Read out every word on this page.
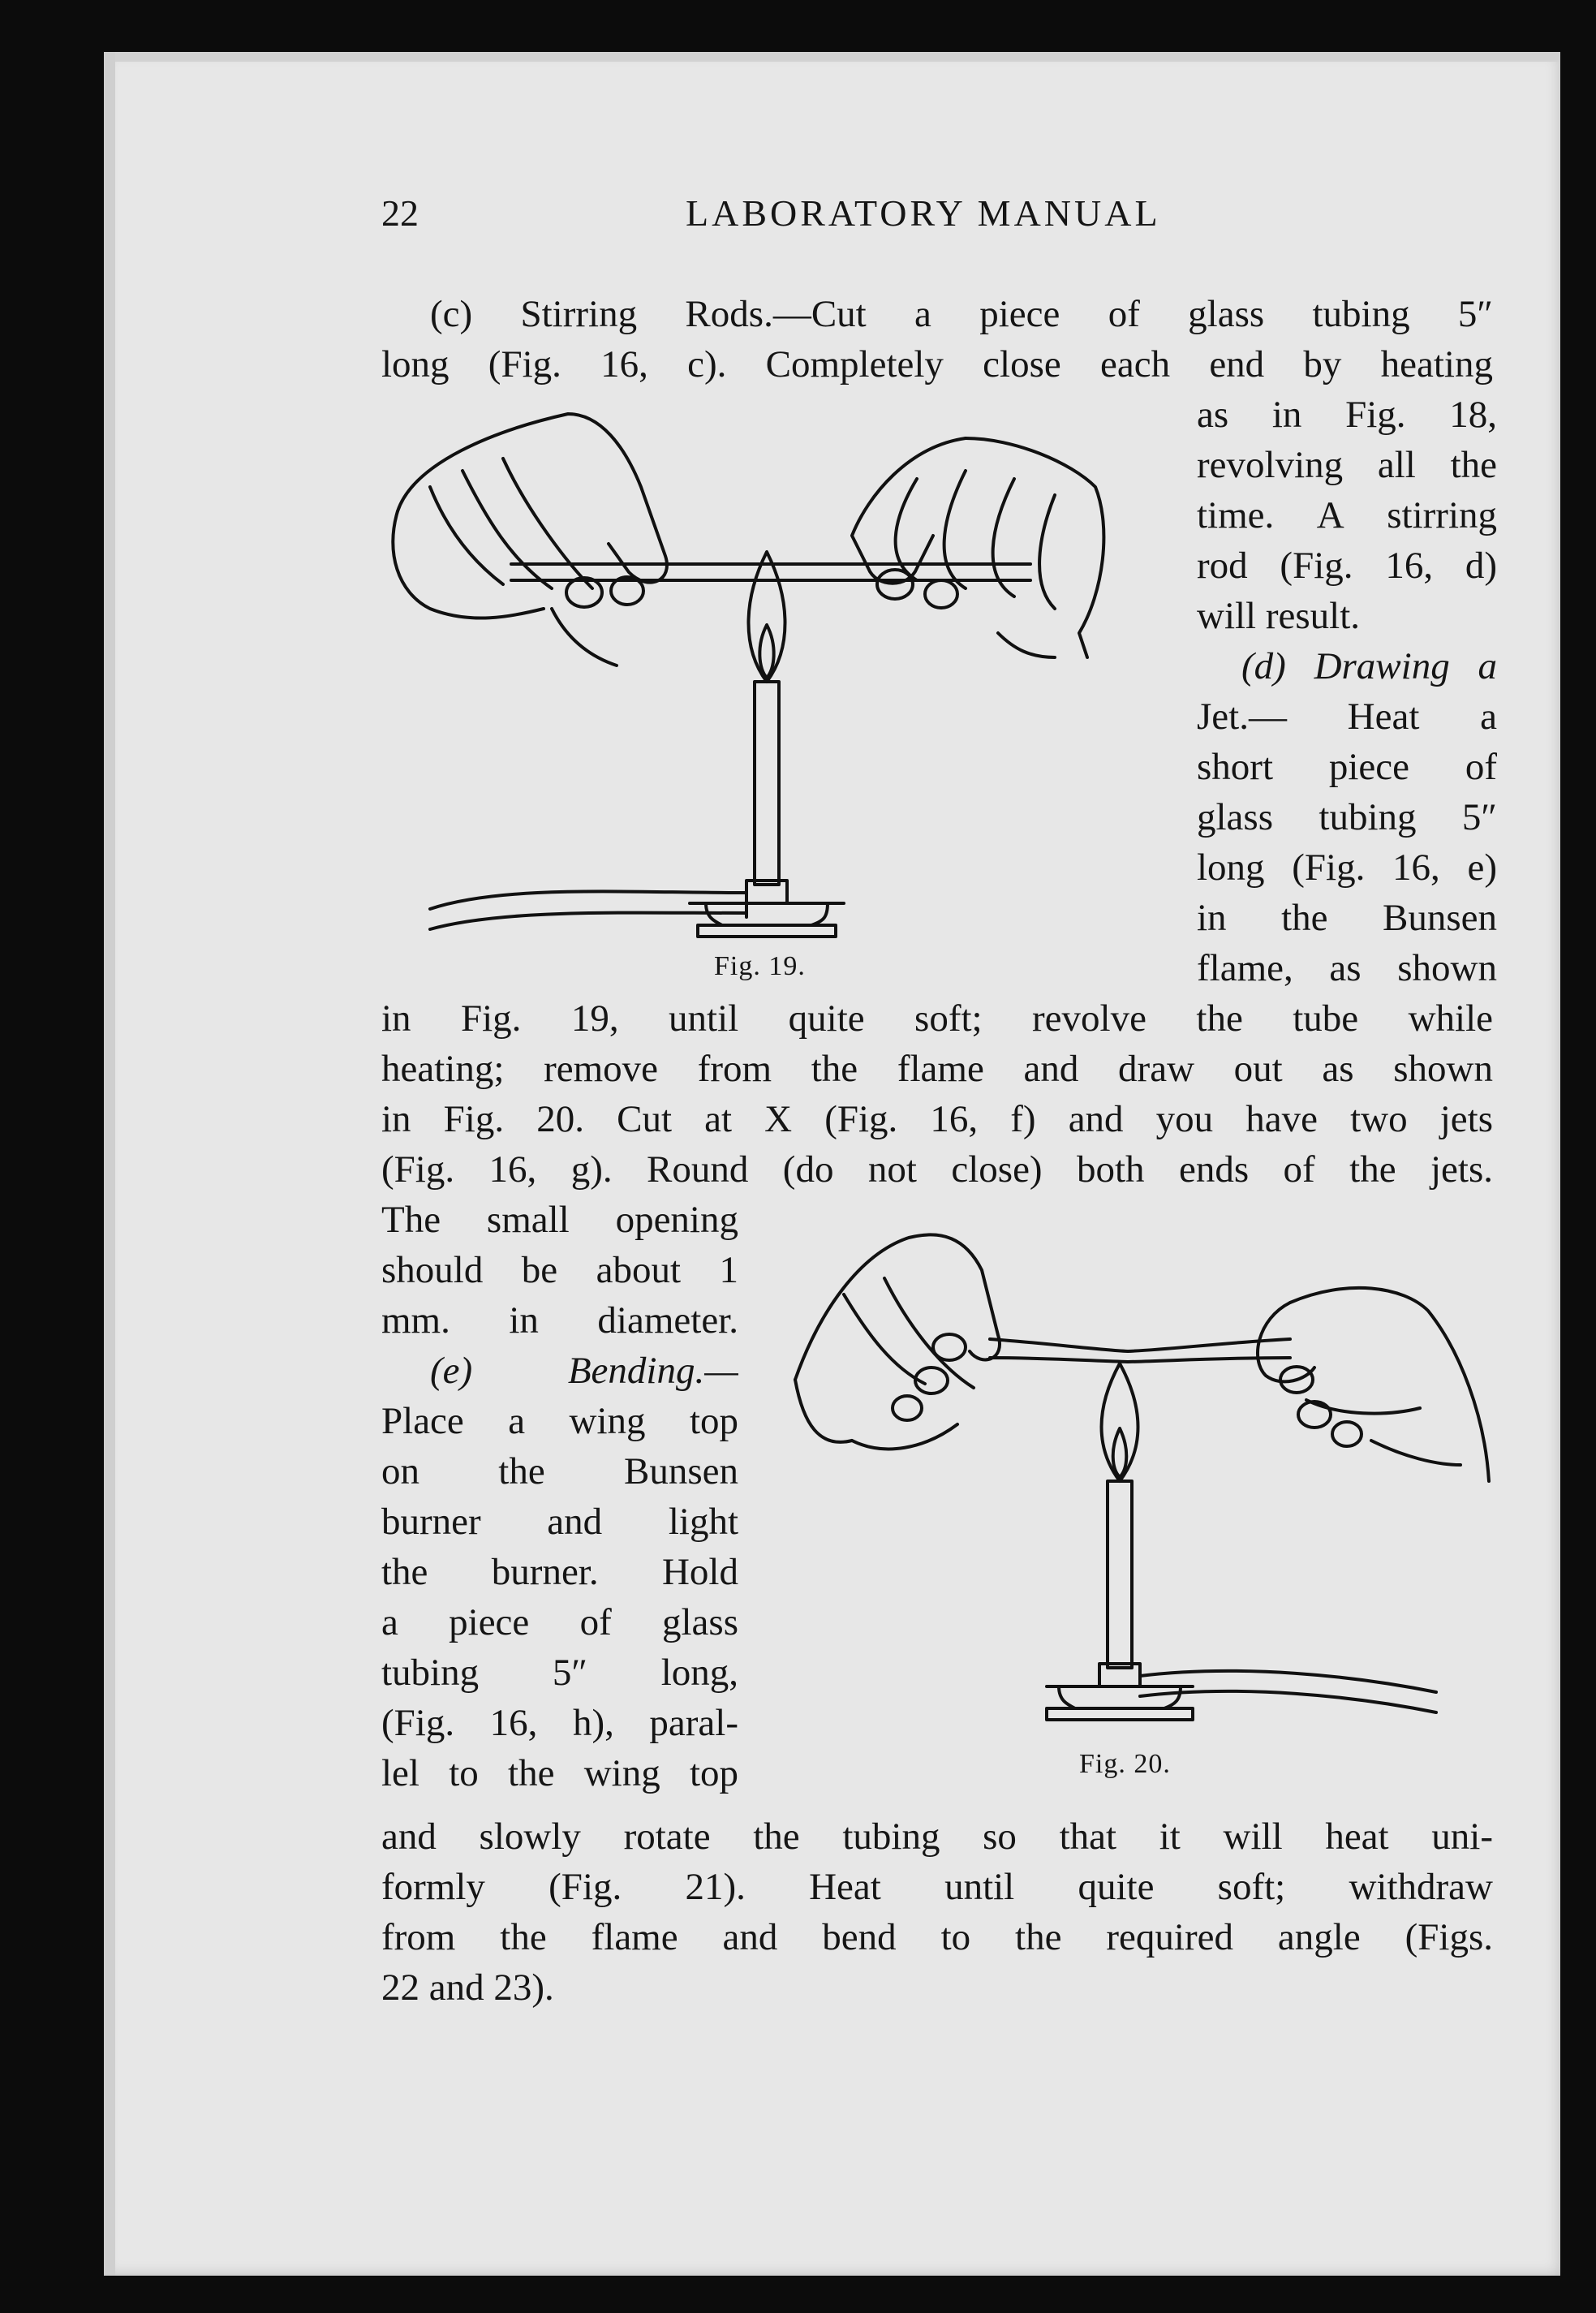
22	LABORATORY MANUAL
(c) Stirring Rods.—Cut a piece of glass tubing 5″
long (Fig. 16, c). Completely close each end by heating
as in Fig. 18,
revolving all the
time. A stirring
rod (Fig. 16, d)
will result.
(d) Drawing a
Jet.— Heat a
short piece of
glass tubing 5″
long (Fig. 16, e)
in the Bunsen
flame, as shown
in Fig. 19, until quite soft; revolve the tube while
heating; remove from the flame and draw out as shown
in Fig. 20. Cut at X (Fig. 16, f) and you have two jets
(Fig. 16, g). Round (do not close) both ends of the jets.
The small opening
should be about 1
mm. in diameter.
(e) Bending.—
Place a wing top
on the Bunsen
burner and light
the burner. Hold
a piece of glass
tubing 5″ long,
(Fig. 16, h), paral-
lel to the wing top
and slowly rotate the tubing so that it will heat uni-
formly (Fig. 21). Heat until quite soft; withdraw
from the flame and bend to the required angle (Figs.
22 and 23).
Fig. 19.
Fig. 20.
